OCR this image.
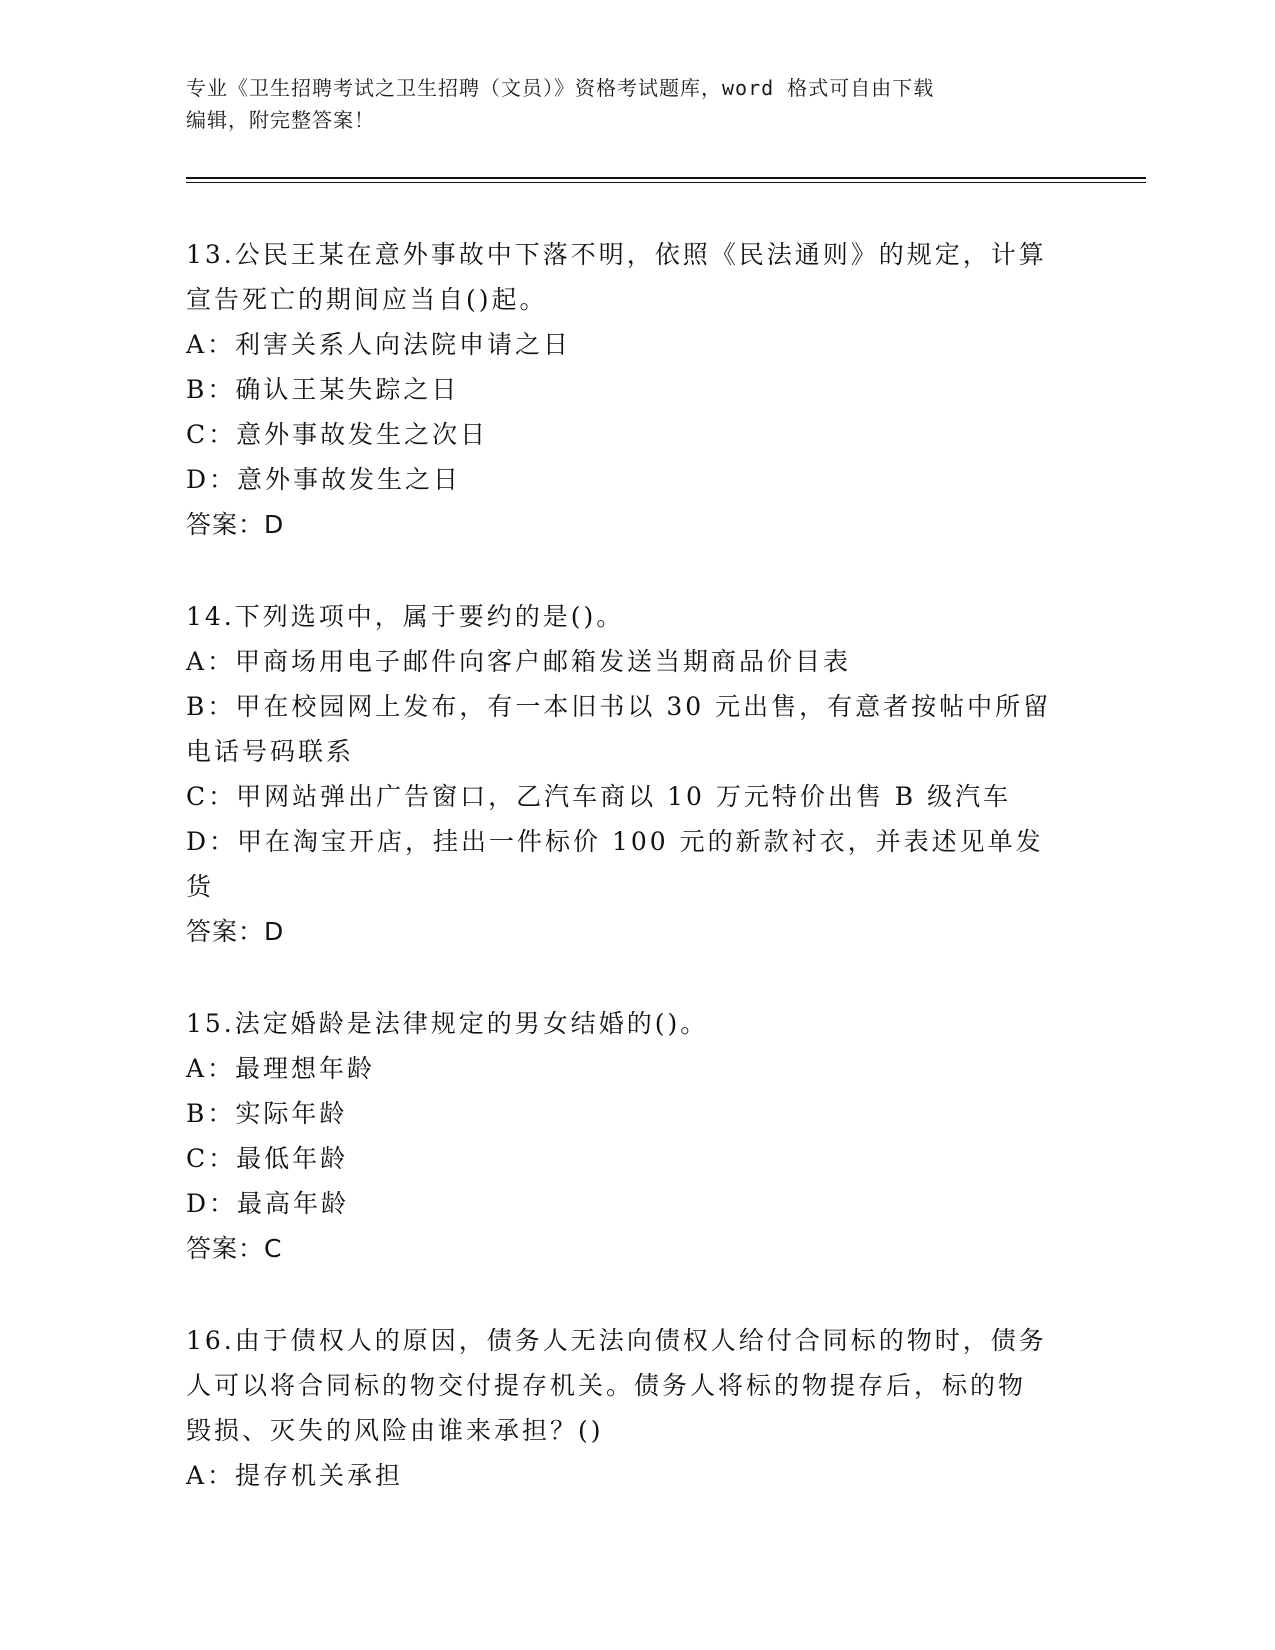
专业《卫生招聘考试之卫生招聘（文员）》资格考试题库，word 格式可自由下载
编辑，附完整答案！
13.公民王某在意外事故中下落不明，依照《民法通则》的规定，计算
宣告死亡的期间应当自()起。
A：利害关系人向法院申请之日
B：确认王某失踪之日
C：意外事故发生之次日
D：意外事故发生之日
答案：D
14.下列选项中，属于要约的是()。
A：甲商场用电子邮件向客户邮箱发送当期商品价目表
B：甲在校园网上发布，有一本旧书以 30 元出售，有意者按帖中所留
电话号码联系
C：甲网站弹出广告窗口，乙汽车商以 10 万元特价出售 B 级汽车
D：甲在淘宝开店，挂出一件标价 100 元的新款衬衣，并表述见单发货
答案：D
15.法定婚龄是法律规定的男女结婚的()。
A：最理想年龄
B：实际年龄
C：最低年龄
D：最高年龄
答案：C
16.由于债权人的原因，债务人无法向债权人给付合同标的物时，债务
人可以将合同标的物交付提存机关。债务人将标的物提存后，标的物
毁损、灭失的风险由谁来承担？()
A：提存机关承担
